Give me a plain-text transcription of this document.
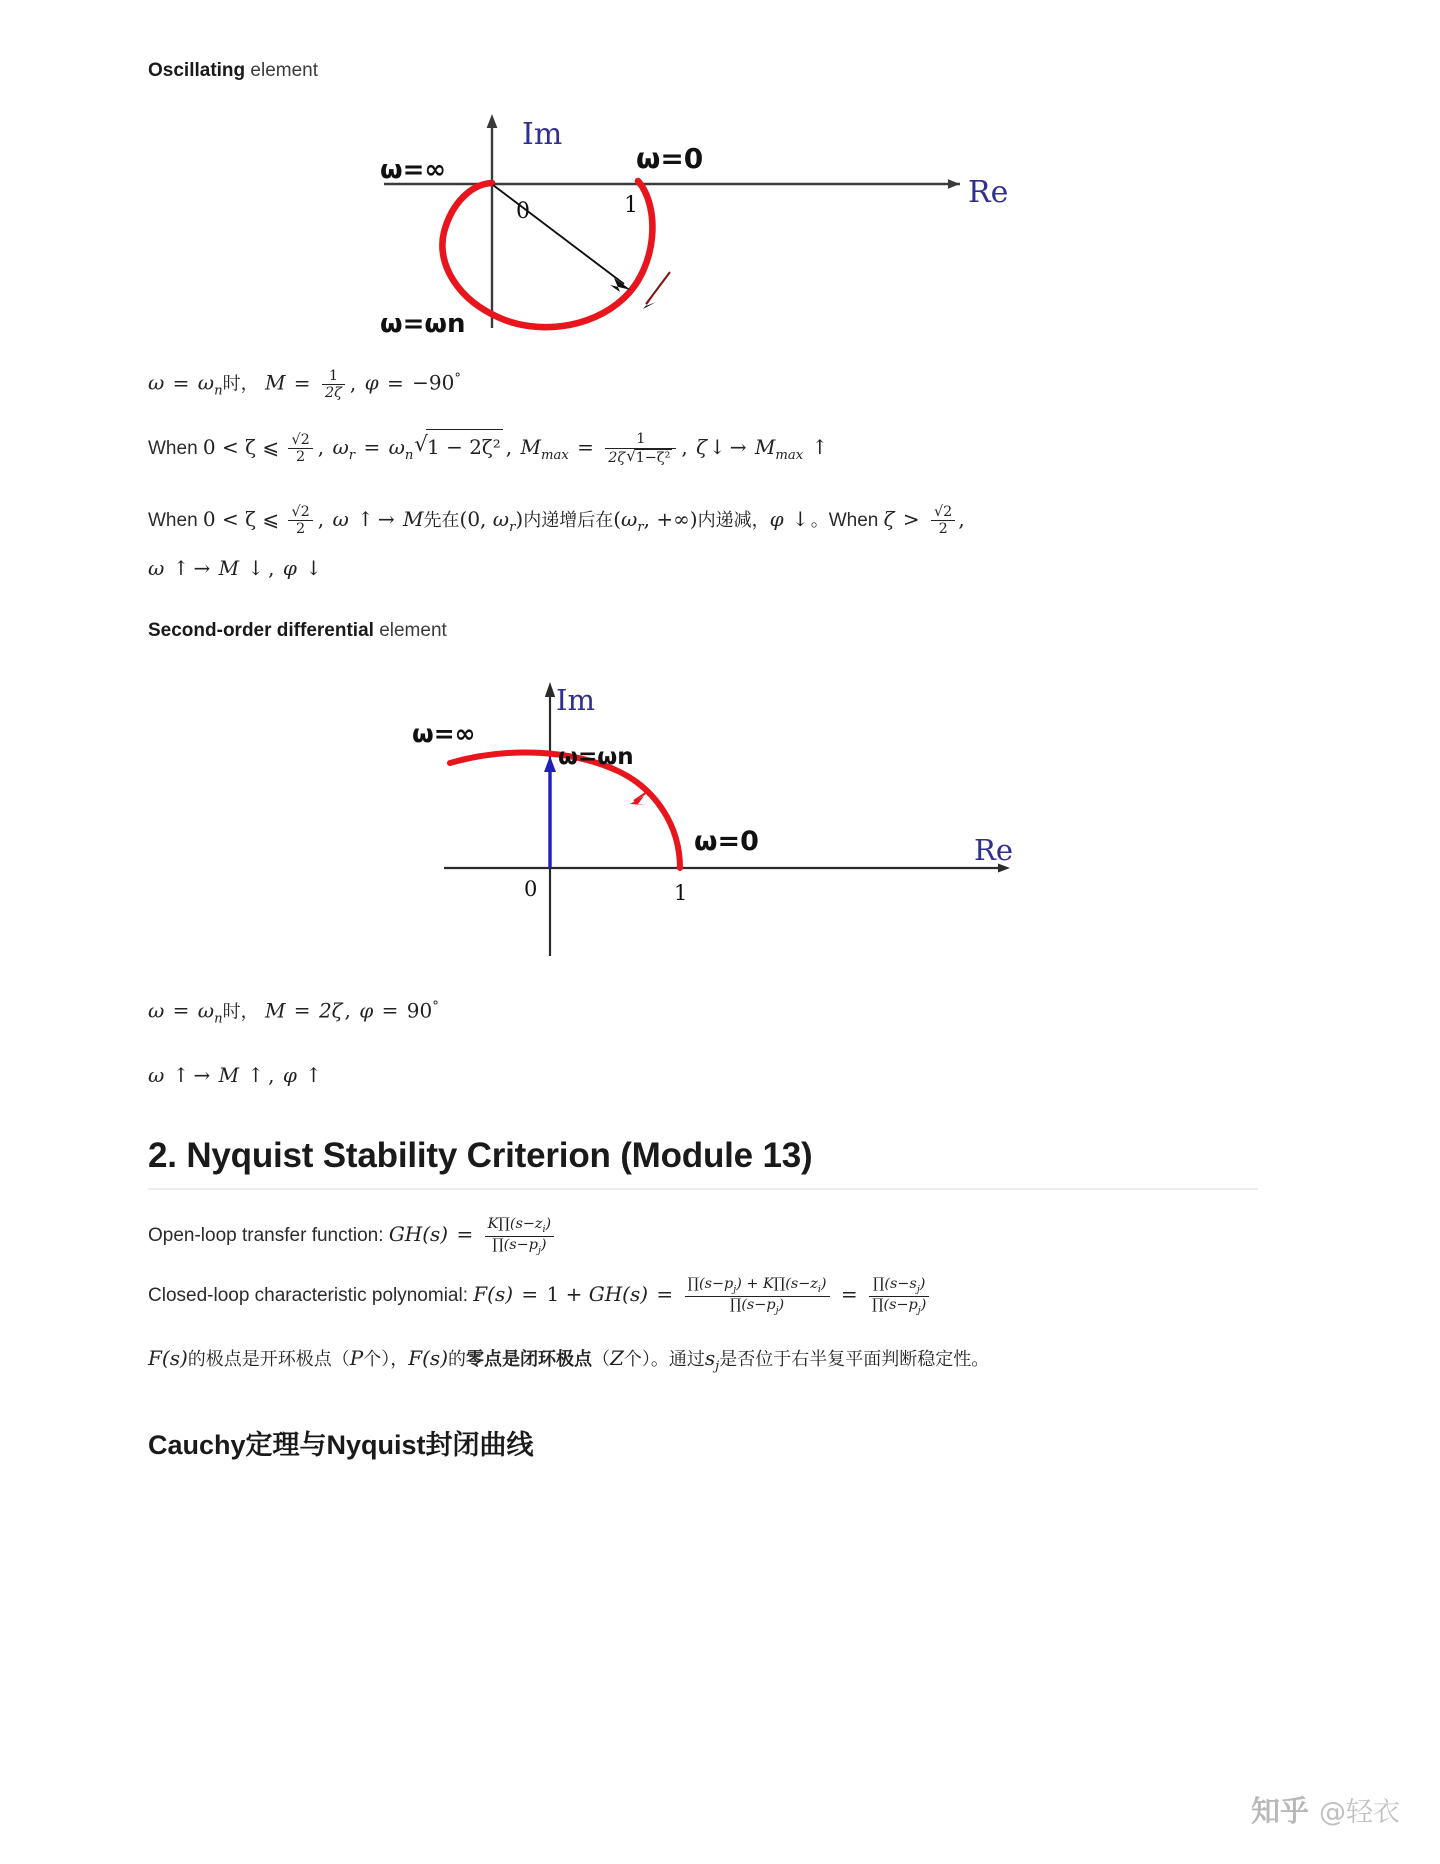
Oscillating element
0	1
Im
Re
ω=∞	ω=0
ω=ωn
$\omega = \omega_n$时， $M = \frac{1}{2\zeta}$ , φ = −90°
When 0 < ζ ⩽ $\frac{√2}{2}$ , $\omega_r = \omega_n$ √ 1 − 2ζ² , $M_{max} = \frac{1}{\text{2ζ √ 1−ζ²}}$ , ζ ↓ → $M_{max}$ ↑
When 0 < ζ ⩽ $\frac{√2}{2}$ , ω ↑ → M先在(0, $\omega_r$)内递增后在($\omega_r$, +∞)内递减，φ ↓ 。When $\zeta > \frac{√2}{2}$ ,
ω ↑ → M ↓ , φ ↓
Second-order differential element
0	1
Im
Re
ω=∞
ω=ωn
ω=0
$\omega = \omega_n$时， M = 2ζ , φ = 90°
ω ↑ → M ↑ , φ ↑
2. Nyquist Stability Criterion (Module 13)
Open-loop transfer function: $GH(s) = \frac{K\prod(s-z_i)}{\prod(s-p_j)}$
Closed-loop characteristic polynomial: $F(s) = 1 + GH(s) = \frac{\prod(s-p_j) + K\prod(s-z_i)}{\prod(s-p_j)} = \frac{\prod(s-s_j)}{\prod(s-p_j)}$
F(s)的极点是开环极点（P个），F(s)的零点是闭环极点（Z个）。通过$s_j$是否位于右半复平面判断稳定性。
Cauchy定理与Nyquist封闭曲线
知乎 @轻衣
